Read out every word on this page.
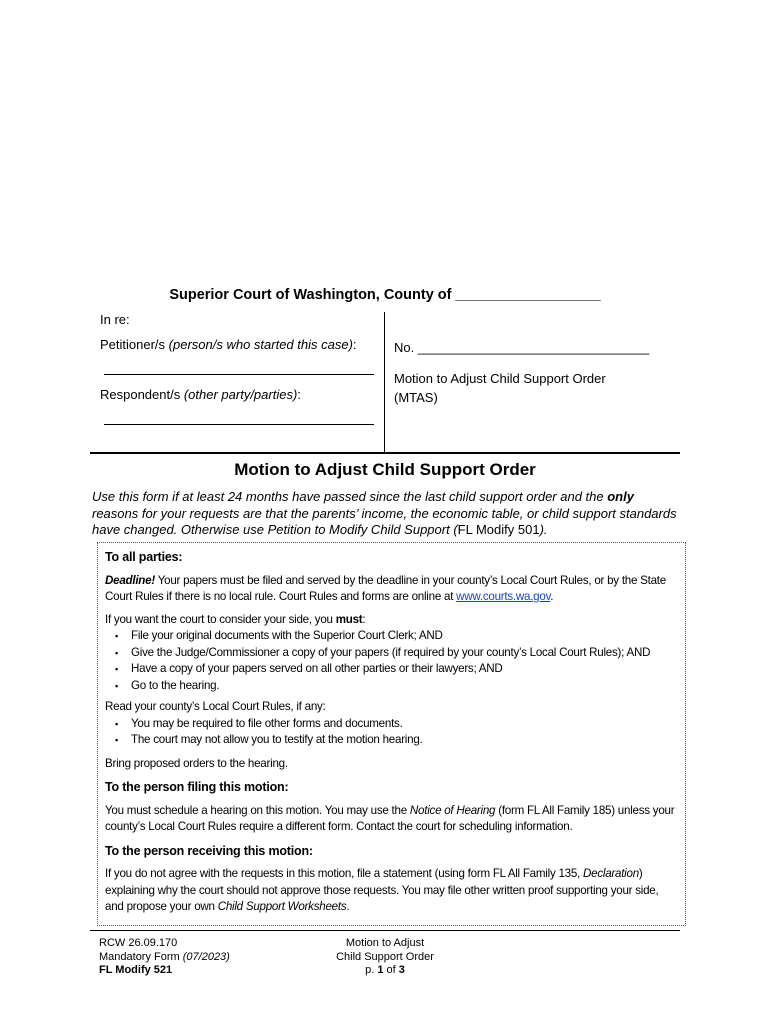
Superior Court of Washington, County of __________________
In re:
Petitioner/s (person/s who started this case):
Respondent/s (other party/parties):
No. ________________________________
Motion to Adjust Child Support Order
(MTAS)
Motion to Adjust Child Support Order
Use this form if at least 24 months have passed since the last child support order and the only reasons for your requests are that the parents’ income, the economic table, or child support standards have changed. Otherwise use Petition to Modify Child Support (FL Modify 501).

To all parties:

Deadline! Your papers must be filed and served by the deadline in your county’s Local Court Rules, or by the State Court Rules if there is no local rule. Court Rules and forms are online at www.courts.wa.gov.

If you want the court to consider your side, you must:

▪ File your original documents with the Superior Court Clerk; AND
▪ Give the Judge/Commissioner a copy of your papers (if required by your county’s Local Court Rules); AND
▪ Have a copy of your papers served on all other parties or their lawyers; AND
▪ Go to the hearing.

Read your county’s Local Court Rules, if any:

▪ You may be required to file other forms and documents.
▪ The court may not allow you to testify at the motion hearing.

Bring proposed orders to the hearing.

To the person filing this motion:

You must schedule a hearing on this motion. You may use the Notice of Hearing (form FL All Family 185) unless your county’s Local Court Rules require a different form. Contact the court for scheduling information.

To the person receiving this motion:

If you do not agree with the requests in this motion, file a statement (using form FL All Family 135, Declaration) explaining why the court should not approve those requests. You may file other written proof supporting your side, and propose your own Child Support Worksheets.

RCW 26.09.170
Mandatory Form (07/2023)
FL Modify 521
Motion to Adjust
Child Support Order
p. 1 of 3
